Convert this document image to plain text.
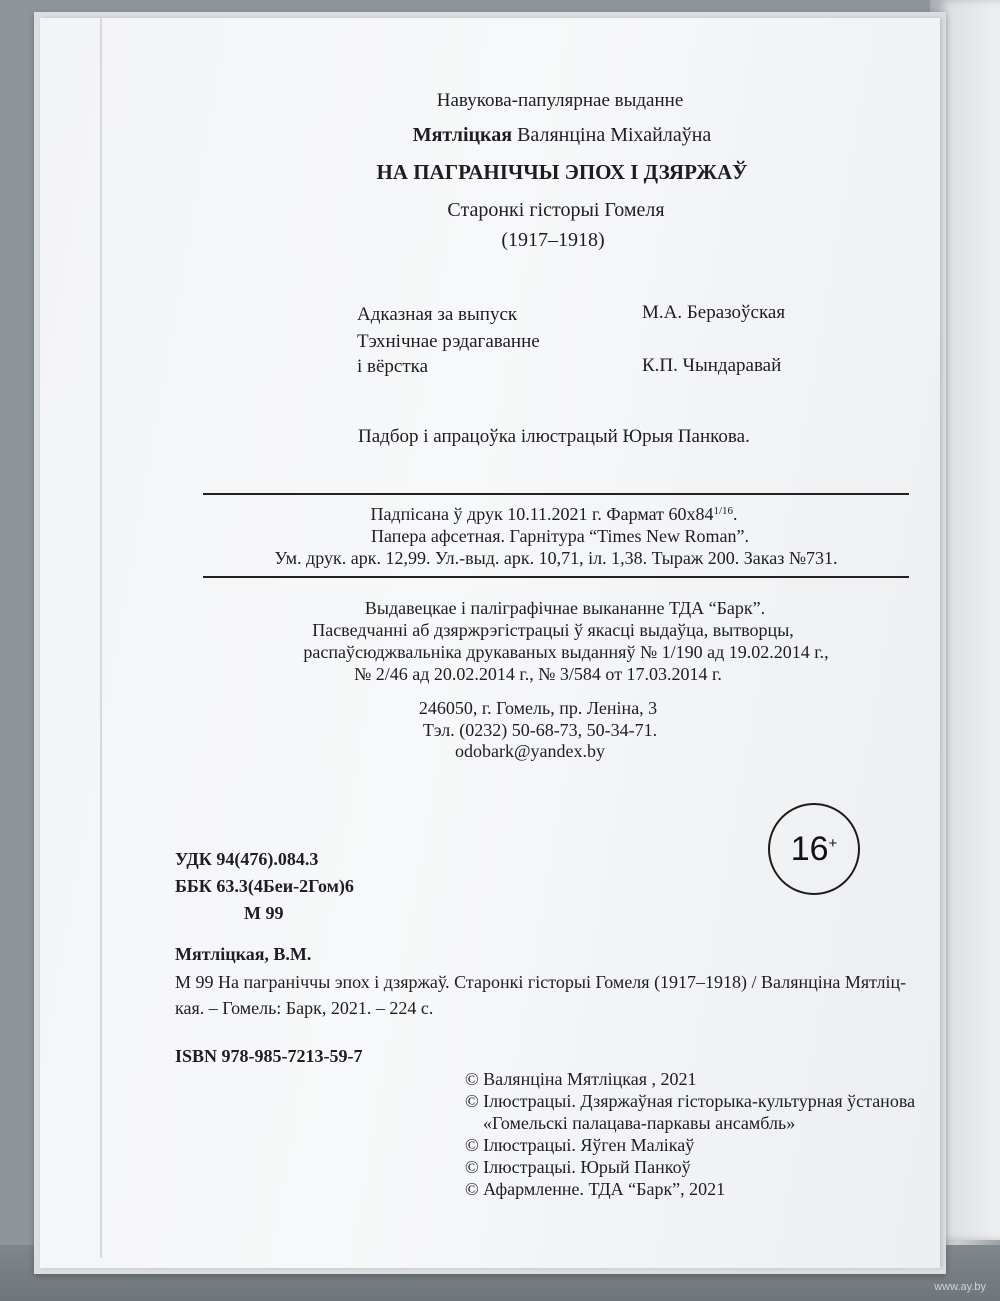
Навукова-папулярнае выданне
Мятліцкая Валянціна Міхайлаўна
НА ПАГРАНІЧЧЫ ЭПОХ І ДЗЯРЖАЎ
Старонкі гісторыі Гомеля
(1917–1918)
Адказная за выпуск	М.А. Беразоўская
Тэхнічнае рэдагаванне
і вёрстка	К.П. Чындаравай
Падбор і апрацоўка ілюстрацый Юрыя Панкова.
Падпісана ў друк 10.11.2021 г. Фармат $60x84^{1/16}$.
Папера афсетная. Гарнітура “Times New Roman”.
Ум. друк. арк. 12,99. Ул.-выд. арк. 10,71, іл. 1,38. Тыраж 200. Заказ №731.
Выдавецкае і паліграфічнае выкананне ТДА “Барк”.
Пасведчанні аб дзяржрэгістрацыі ў якасці выдаўца, вытворцы,
распаўсюджвальніка друкаваных выданняў № 1/190 ад 19.02.2014 г.,
№ 2/46 ад 20.02.2014 г., № 3/584 от 17.03.2014 г.
246050, г. Гомель, пр. Леніна, 3
Тэл. (0232) 50-68-73, 50-34-71.
odobark@yandex.by
16+
УДК 94(476).084.3
ББК 63.3(4Беи-2Гом)6
М 99
Мятліцкая, В.М.
М 99 На пагранiччы эпох i дзяржаў. Старонкi гiсторыi Гомеля (1917–1918) / Валянцiна Мятлiц-
кая. – Гомель: Барк, 2021. – 224 с.
ISBN 978-985-7213-59-7
© Валянціна Мятліцкая , 2021
© Ілюстрацыі. Дзяржаўная гісторыка-культурная ўстанова
«Гомельскі палацава-паркавы ансамбль»
© Ілюстрацыі. Яўген Малікаў
© Ілюстрацыі. Юрый Панкоў
© Афармленне. ТДА “Барк”, 2021
www.ay.by
